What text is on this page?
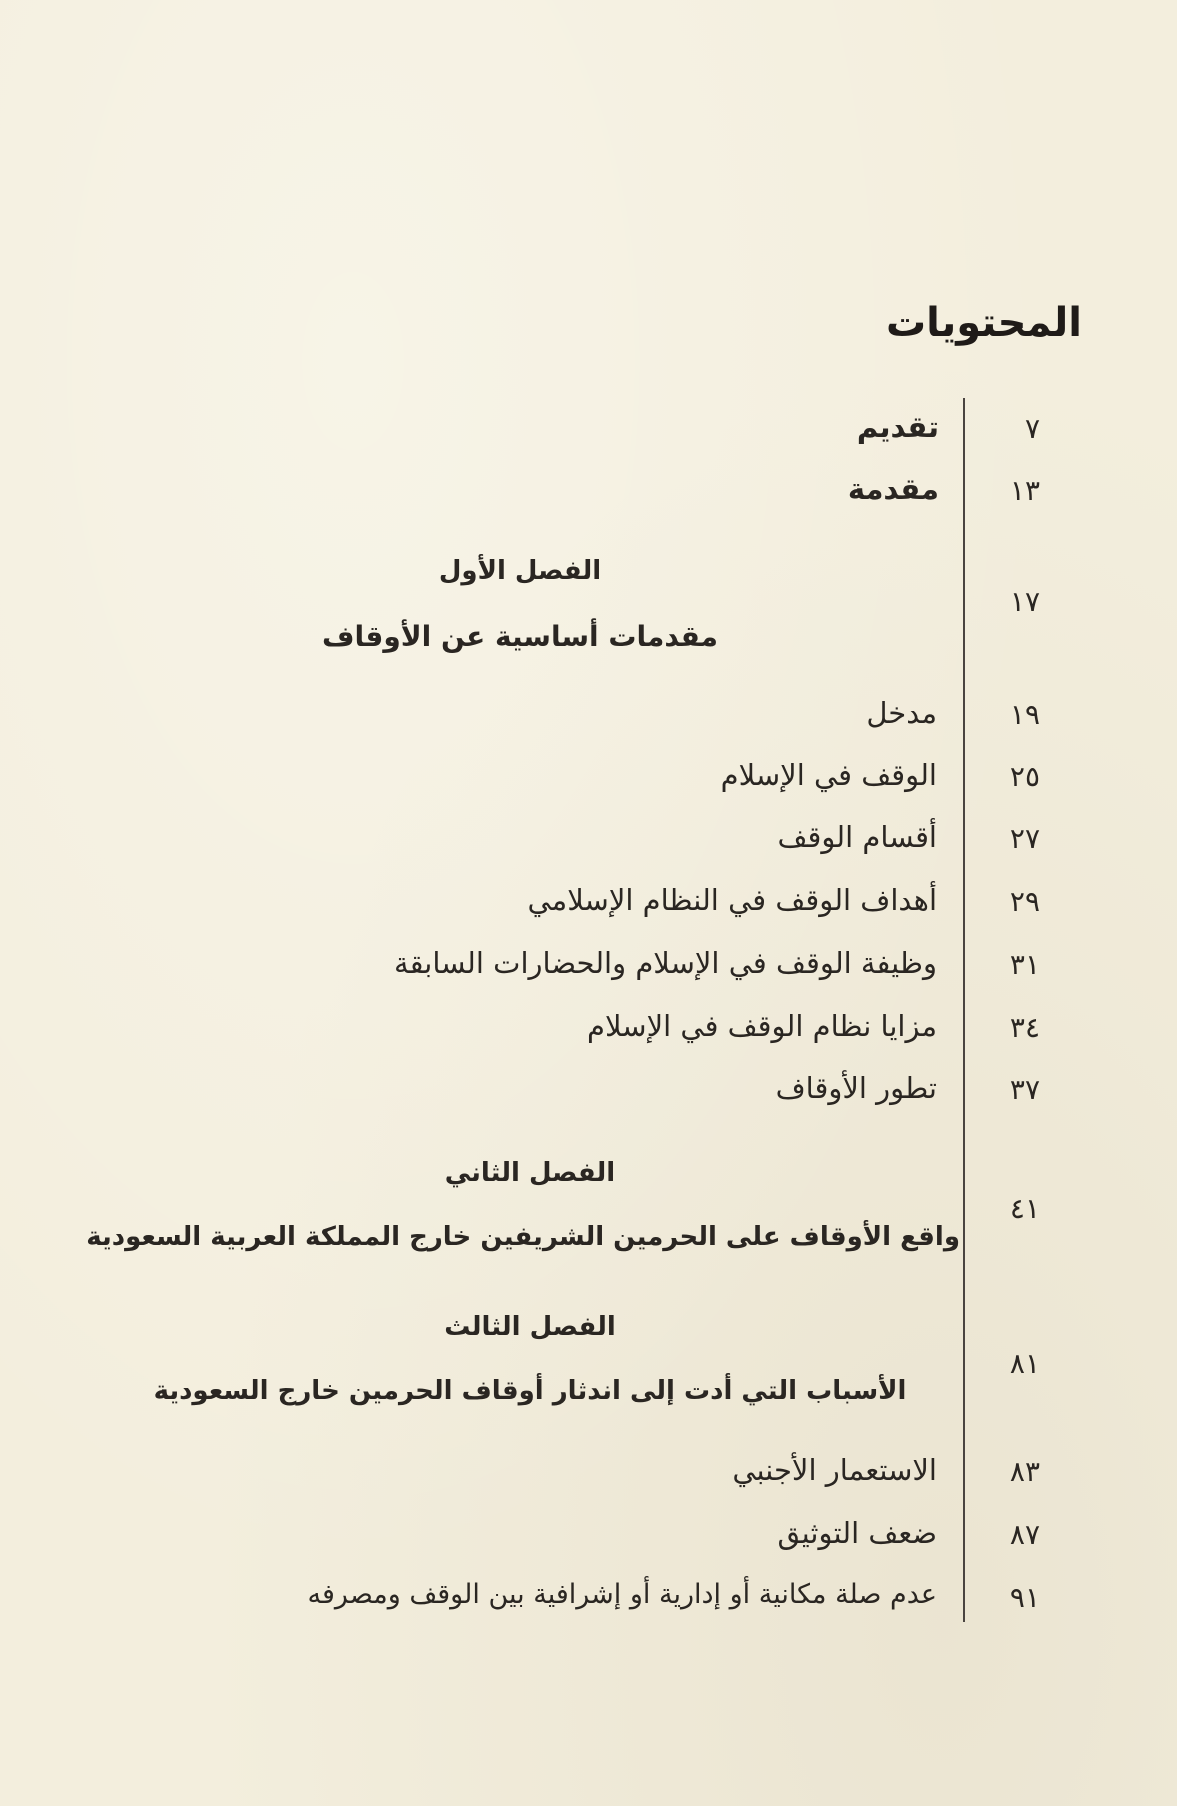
المحتويات
٧
تقديم
١٣
مقدمة
١٧
الفصل الأول
مقدمات أساسية عن الأوقاف
١٩
مدخل
٢٥
الوقف في الإسلام
٢٧
أقسام الوقف
٢٩
أهداف الوقف في النظام الإسلامي
٣١
وظيفة الوقف في الإسلام والحضارات السابقة
٣٤
مزايا نظام الوقف في الإسلام
٣٧
تطور الأوقاف
٤١
الفصل الثاني
واقع الأوقاف على الحرمين الشريفين خارج المملكة العربية السعودية
٨١
الفصل الثالث
الأسباب التي أدت إلى اندثار أوقاف الحرمين خارج السعودية
٨٣
الاستعمار الأجنبي
٨٧
ضعف التوثيق
٩١
عدم صلة مكانية أو إدارية أو إشرافية بين الوقف ومصرفه
